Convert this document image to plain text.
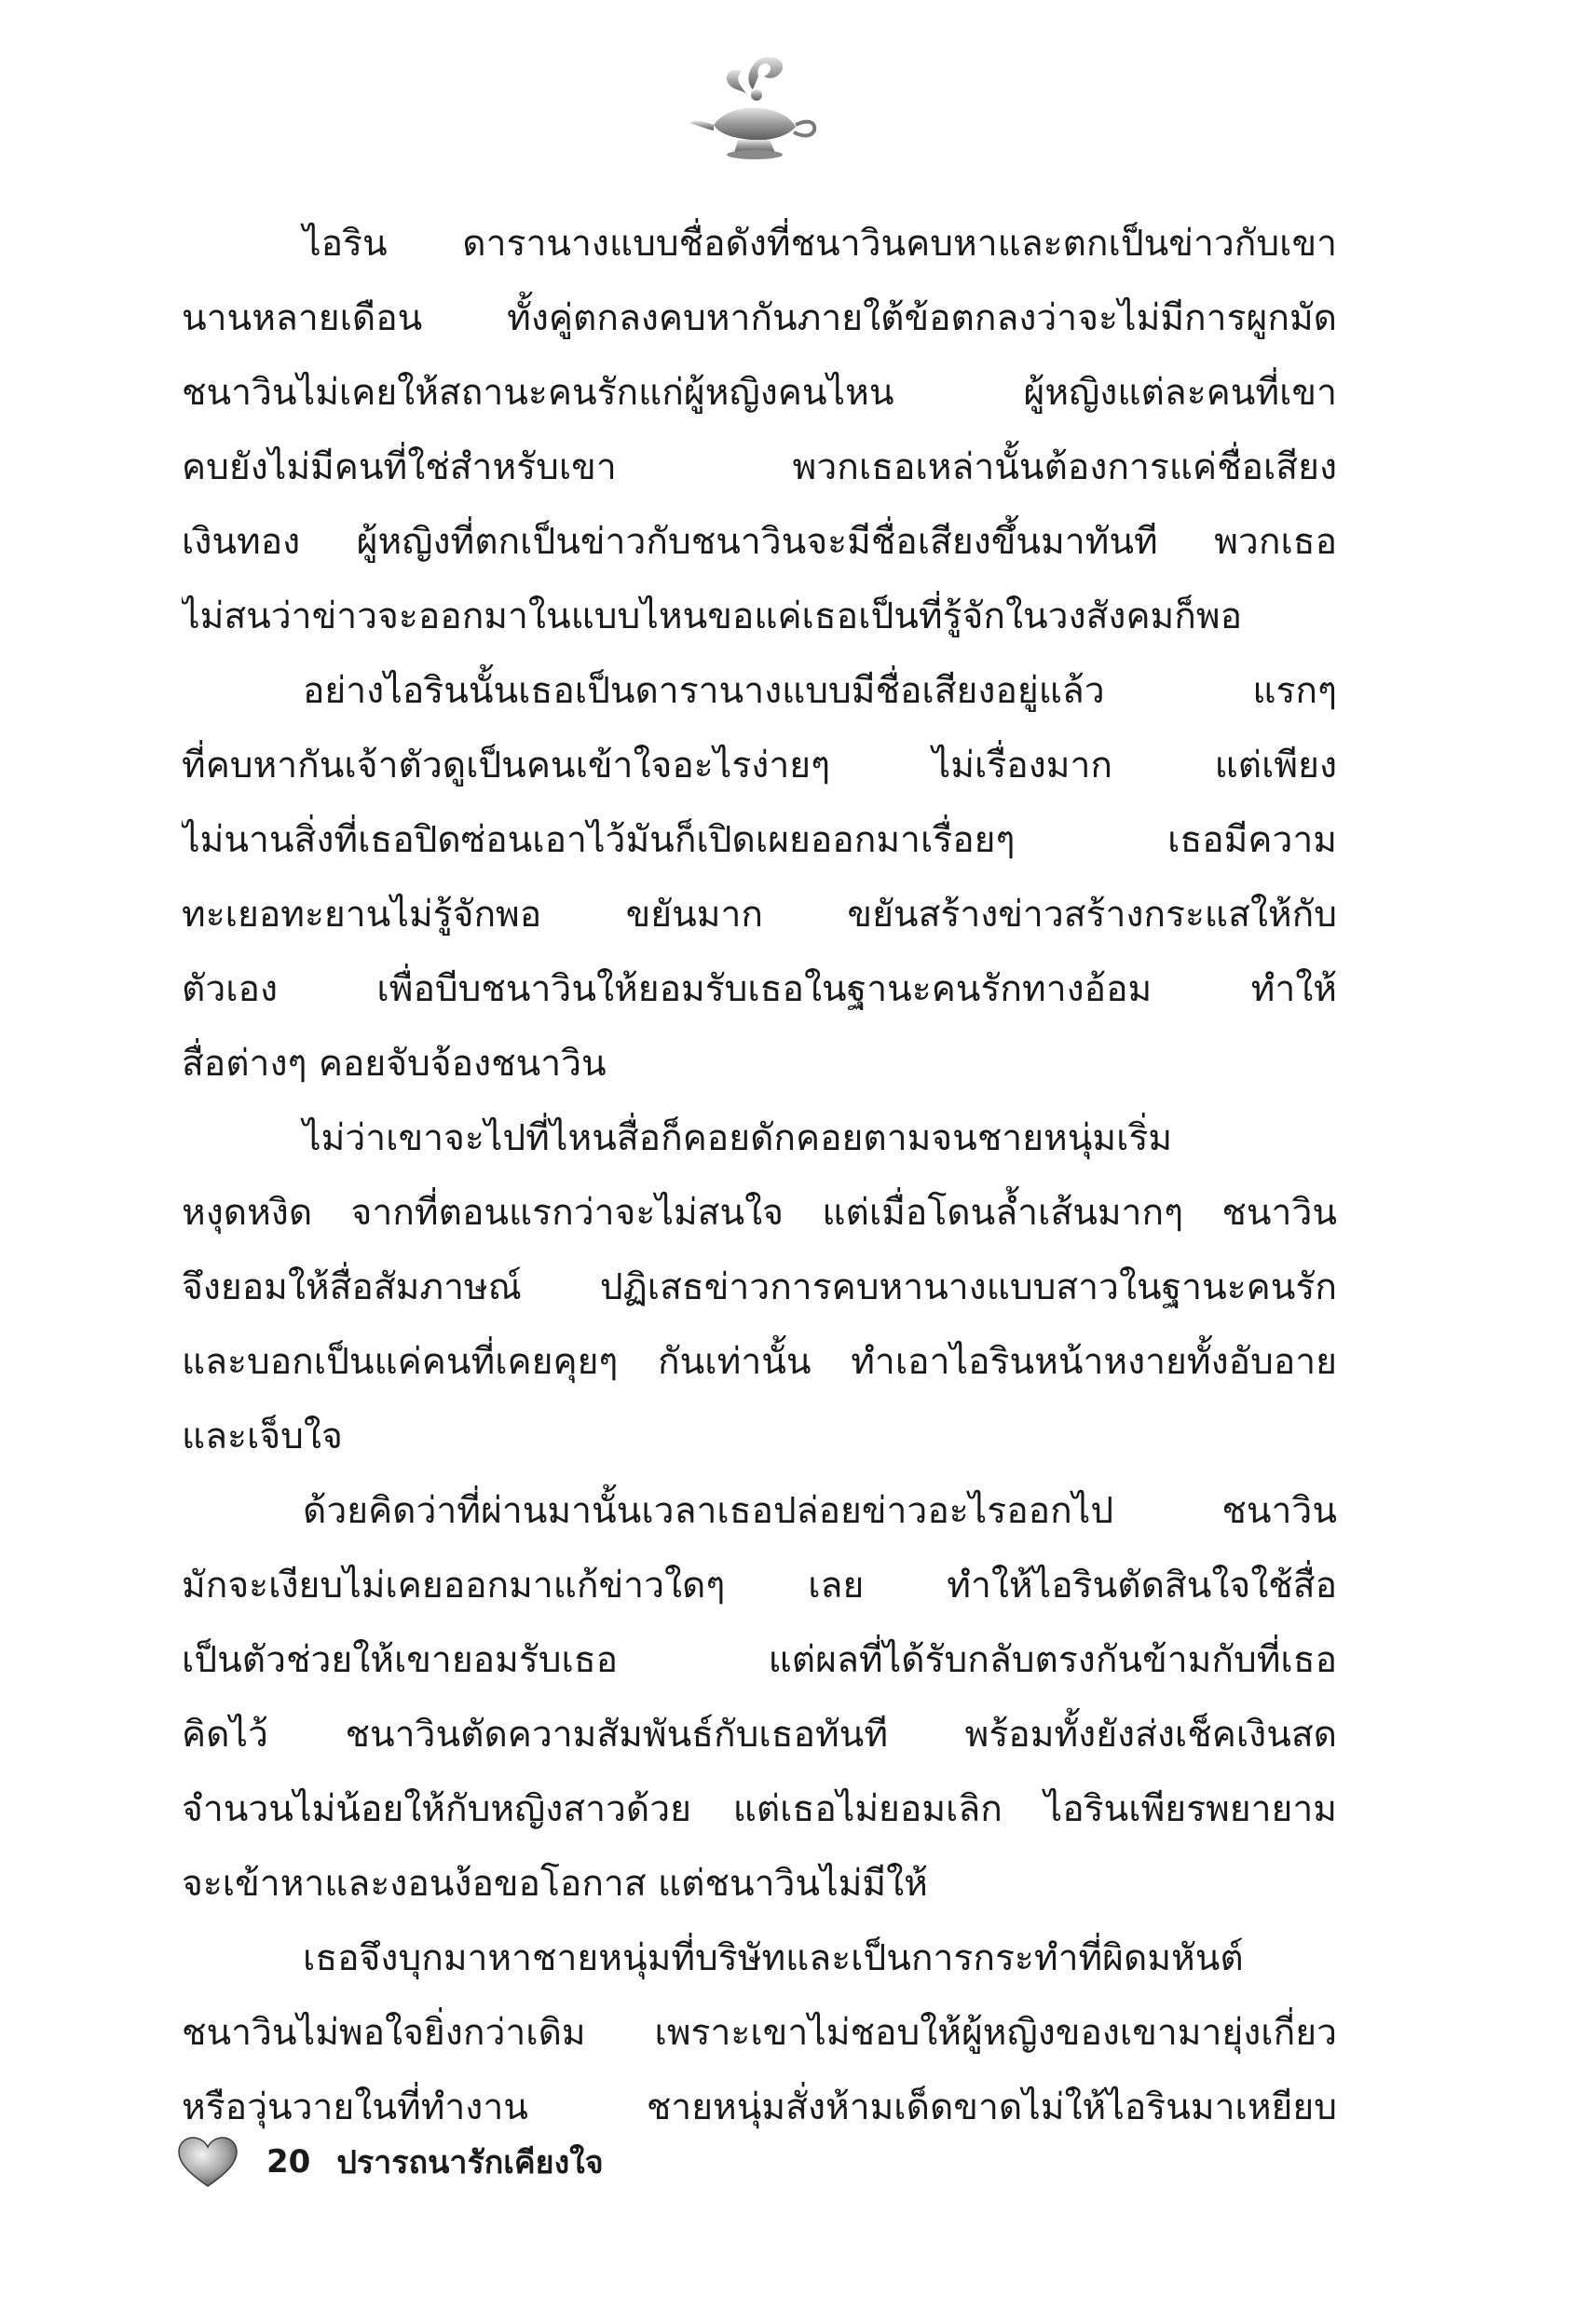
ไอริน ดารานางแบบชื่อดังที่ชนาวินคบหาและตกเป็นข่าวกับเขา
นานหลายเดือน ทั้งคู่ตกลงคบหากันภายใต้ข้อตกลงว่าจะไม่มีการผูกมัด
ชนาวินไม่เคยให้สถานะคนรักแก่ผู้หญิงคนไหน ผู้หญิงแต่ละคนที่เขา
คบยังไม่มีคนที่ใช่สำหรับเขา พวกเธอเหล่านั้นต้องการแค่ชื่อเสียง
เงินทอง ผู้หญิงที่ตกเป็นข่าวกับชนาวินจะมีชื่อเสียงขึ้นมาทันที พวกเธอ
ไม่สนว่าข่าวจะออกมาในแบบไหนขอแค่เธอเป็นที่รู้จักในวงสังคมก็พอ
อย่างไอรินนั้นเธอเป็นดารานางแบบมีชื่อเสียงอยู่แล้ว แรกๆ
ที่คบหากันเจ้าตัวดูเป็นคนเข้าใจอะไรง่ายๆ ไม่เรื่องมาก แต่เพียง
ไม่นานสิ่งที่เธอปิดซ่อนเอาไว้มันก็เปิดเผยออกมาเรื่อยๆ เธอมีความ
ทะเยอทะยานไม่รู้จักพอ ขยันมาก ขยันสร้างข่าวสร้างกระแสให้กับ
ตัวเอง เพื่อบีบชนาวินให้ยอมรับเธอในฐานะคนรักทางอ้อม ทำให้
สื่อต่างๆ คอยจับจ้องชนาวิน
ไม่ว่าเขาจะไปที่ไหนสื่อก็คอยดักคอยตามจนชายหนุ่มเริ่ม
หงุดหงิด จากที่ตอนแรกว่าจะไม่สนใจ แต่เมื่อโดนล้ำเส้นมากๆ ชนาวิน
จึงยอมให้สื่อสัมภาษณ์ ปฏิเสธข่าวการคบหานางแบบสาวในฐานะคนรัก
และบอกเป็นแค่คนที่เคยคุยๆ กันเท่านั้น ทำเอาไอรินหน้าหงายทั้งอับอาย
และเจ็บใจ
ด้วยคิดว่าที่ผ่านมานั้นเวลาเธอปล่อยข่าวอะไรออกไป ชนาวิน
มักจะเงียบไม่เคยออกมาแก้ข่าวใดๆ เลย ทำให้ไอรินตัดสินใจใช้สื่อ
เป็นตัวช่วยให้เขายอมรับเธอ แต่ผลที่ได้รับกลับตรงกันข้ามกับที่เธอ
คิดไว้ ชนาวินตัดความสัมพันธ์กับเธอทันที พร้อมทั้งยังส่งเช็คเงินสด
จำนวนไม่น้อยให้กับหญิงสาวด้วย แต่เธอไม่ยอมเลิก ไอรินเพียรพยายาม
จะเข้าหาและงอนง้อขอโอกาส แต่ชนาวินไม่มีให้
เธอจึงบุกมาหาชายหนุ่มที่บริษัทและเป็นการกระทำที่ผิดมหันต์
ชนาวินไม่พอใจยิ่งกว่าเดิม เพราะเขาไม่ชอบให้ผู้หญิงของเขามายุ่งเกี่ยว
หรือวุ่นวายในที่ทำงาน ชายหนุ่มสั่งห้ามเด็ดขาดไม่ให้ไอรินมาเหยียบ
20 ปรารถนารักเคียงใจ
